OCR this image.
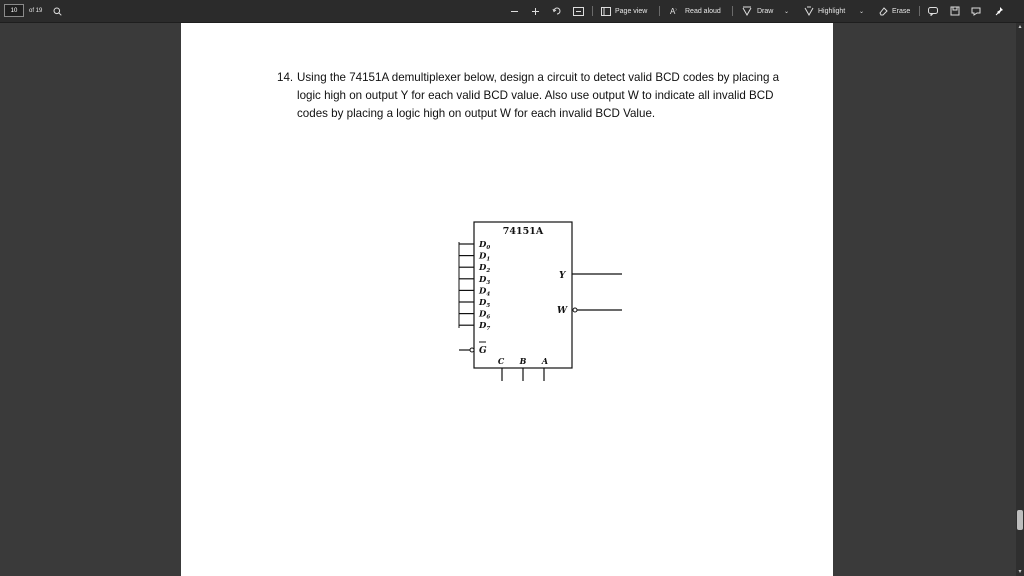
10	of 19	Page view	A ⁾ Read aloud	Draw ⌄	Highlight ⌄	Erase
14. Using the 74151A demultiplexer below, design a circuit to detect valid BCD codes by placing a logic high on output Y for each valid BCD value. Also use output W to indicate all invalid BCD codes by placing a logic high on output W for each invalid BCD Value.
74151A
$D_0$
$D_1$
$D_2$
$D_3$
$D_4$
$D_5$
$D_6$
$D_7$
G
Y
W
C B A
▴
▾
